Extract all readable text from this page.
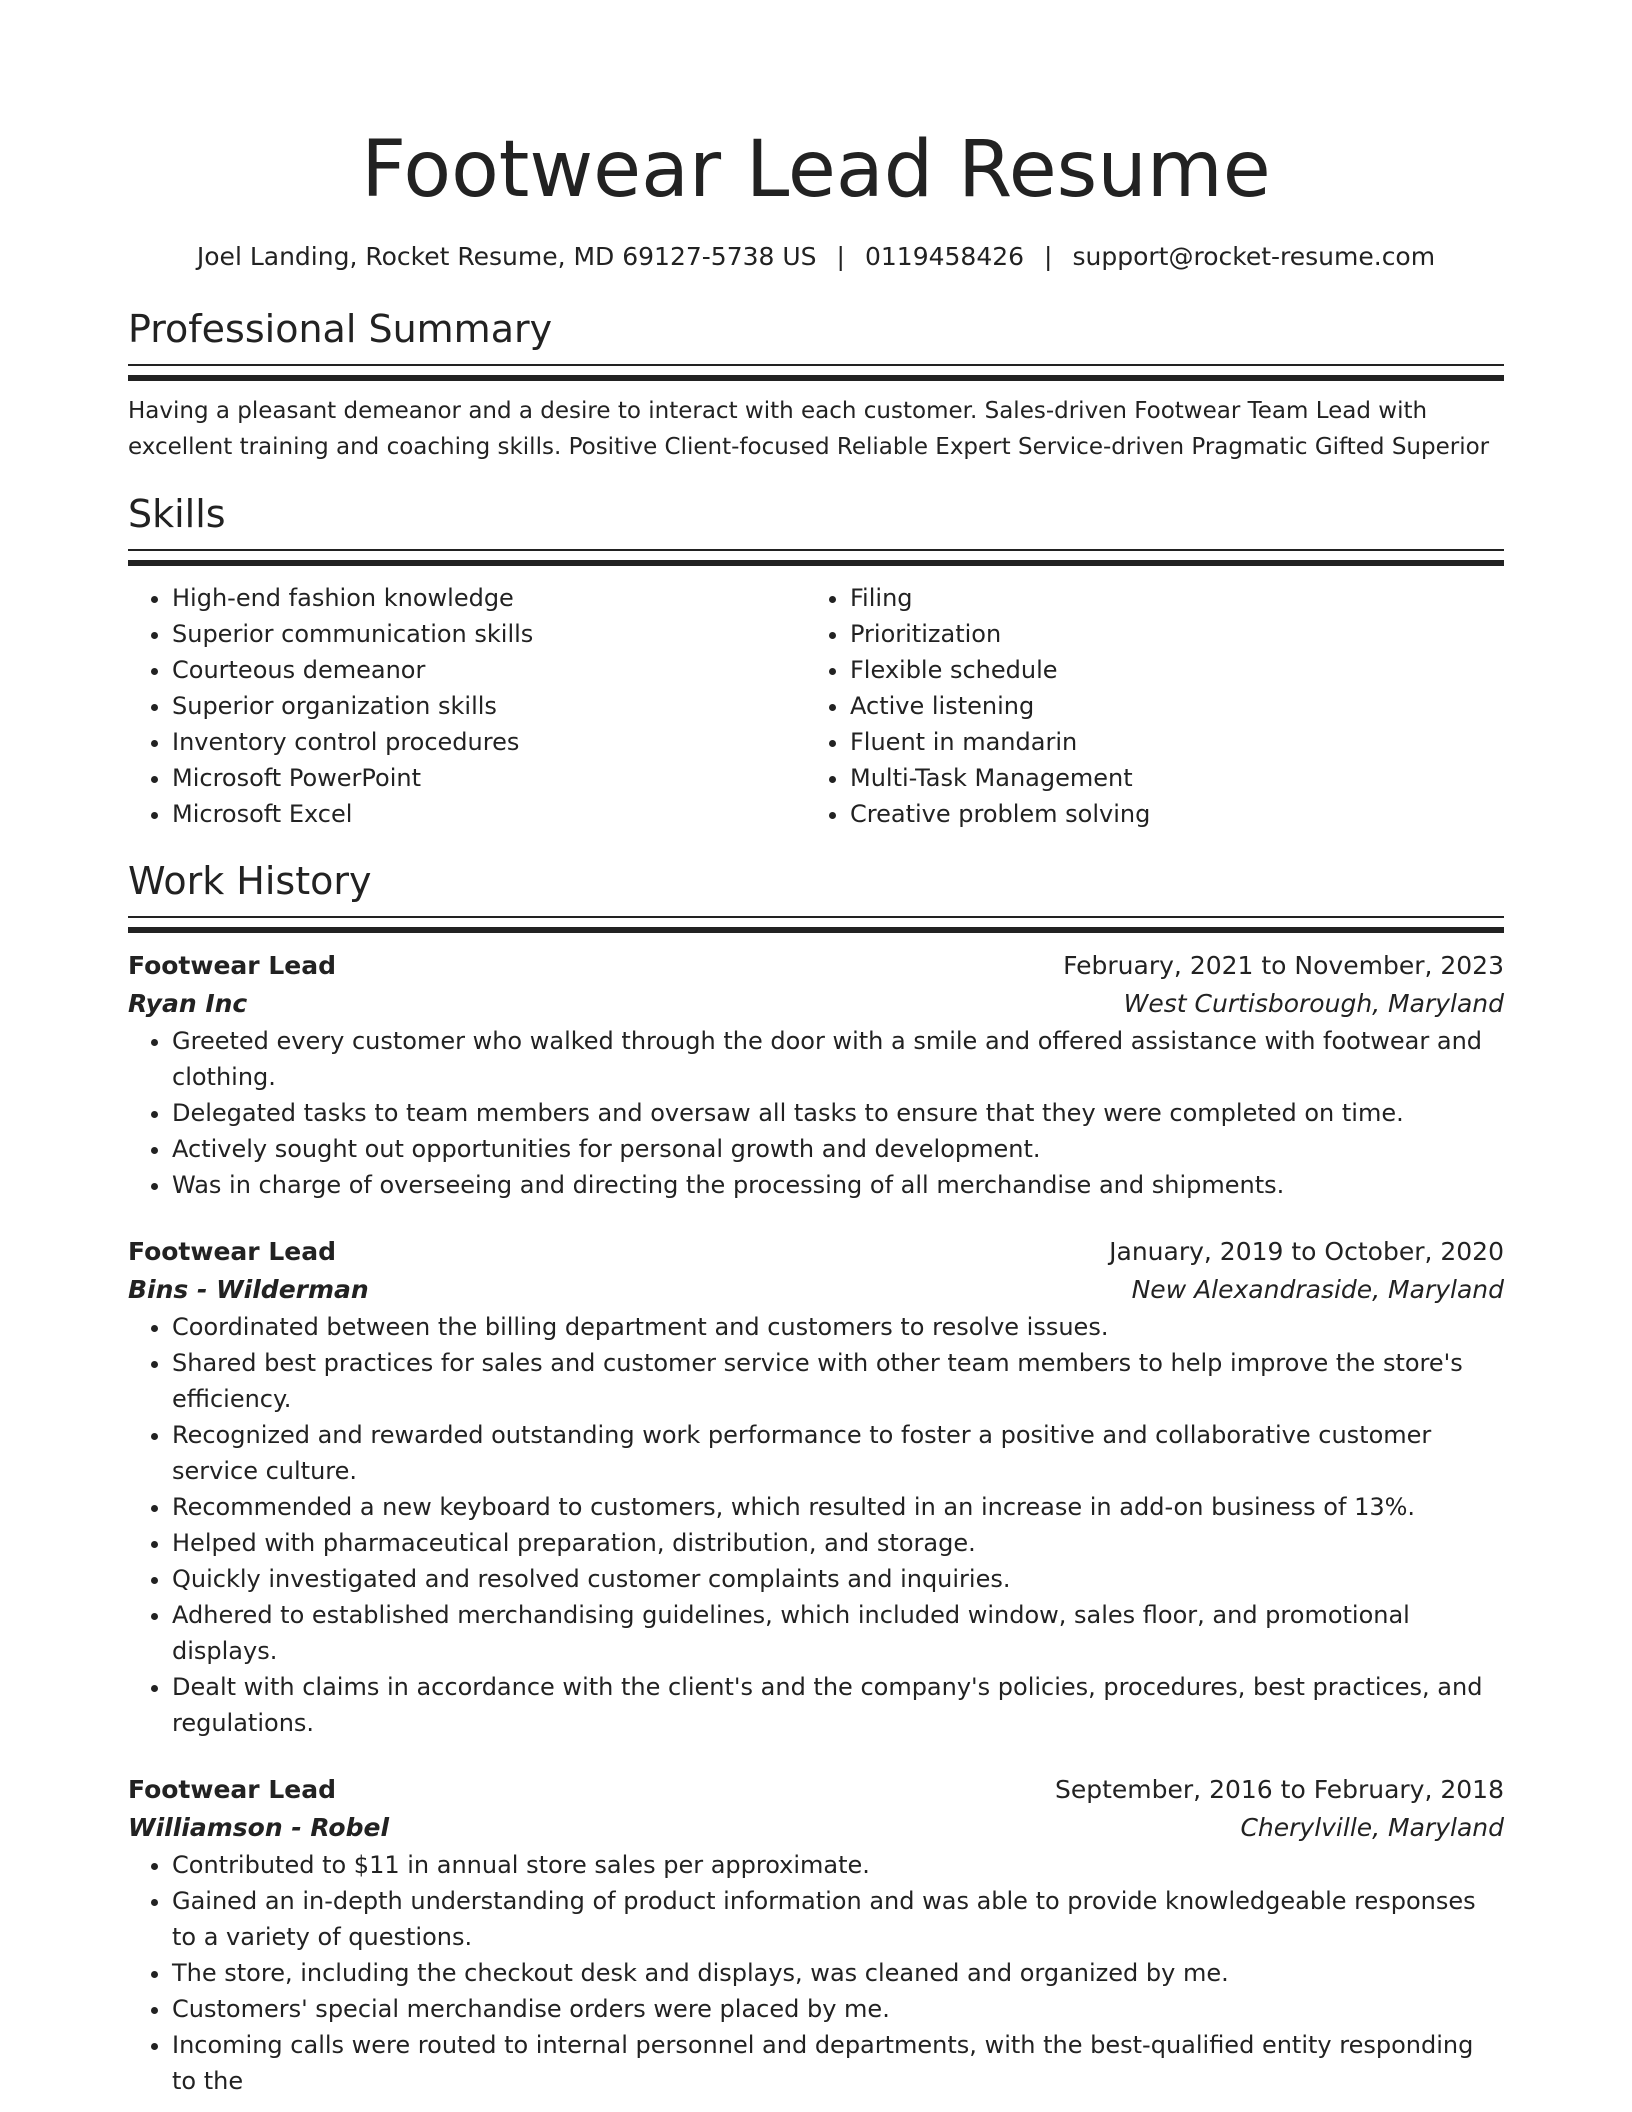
Footwear Lead Resume
Joel Landing, Rocket Resume, MD 69127-5738 US | 0119458426 | support@rocket-resume.com
Professional Summary
Having a pleasant demeanor and a desire to interact with each customer. Sales-driven Footwear Team Lead with excellent training and coaching skills. Positive Client-focused Reliable Expert Service-driven Pragmatic Gifted Superior
Skills
• High-end fashion knowledge
• Superior communication skills
• Courteous demeanor
• Superior organization skills
• Inventory control procedures
• Microsoft PowerPoint
• Microsoft Excel
• Filing
• Prioritization
• Flexible schedule
• Active listening
• Fluent in mandarin
• Multi-Task Management
• Creative problem solving
Work History
Footwear Lead	February, 2021 to November, 2023
Ryan Inc	West Curtisborough, Maryland
• Greeted every customer who walked through the door with a smile and offered assistance with footwear and clothing.
• Delegated tasks to team members and oversaw all tasks to ensure that they were completed on time.
• Actively sought out opportunities for personal growth and development.
• Was in charge of overseeing and directing the processing of all merchandise and shipments.
Footwear Lead	January, 2019 to October, 2020
Bins - Wilderman	New Alexandraside, Maryland
• Coordinated between the billing department and customers to resolve issues.
• Shared best practices for sales and customer service with other team members to help improve the store's efficiency.
• Recognized and rewarded outstanding work performance to foster a positive and collaborative customer service culture.
• Recommended a new keyboard to customers, which resulted in an increase in add-on business of 13%.
• Helped with pharmaceutical preparation, distribution, and storage.
• Quickly investigated and resolved customer complaints and inquiries.
• Adhered to established merchandising guidelines, which included window, sales floor, and promotional displays.
• Dealt with claims in accordance with the client's and the company's policies, procedures, best practices, and regulations.
Footwear Lead	September, 2016 to February, 2018
Williamson - Robel	Cherylville, Maryland
• Contributed to $11 in annual store sales per approximate.
• Gained an in-depth understanding of product information and was able to provide knowledgeable responses to a variety of questions.
• The store, including the checkout desk and displays, was cleaned and organized by me.
• Customers' special merchandise orders were placed by me.
• Incoming calls were routed to internal personnel and departments, with the best-qualified entity responding to the
